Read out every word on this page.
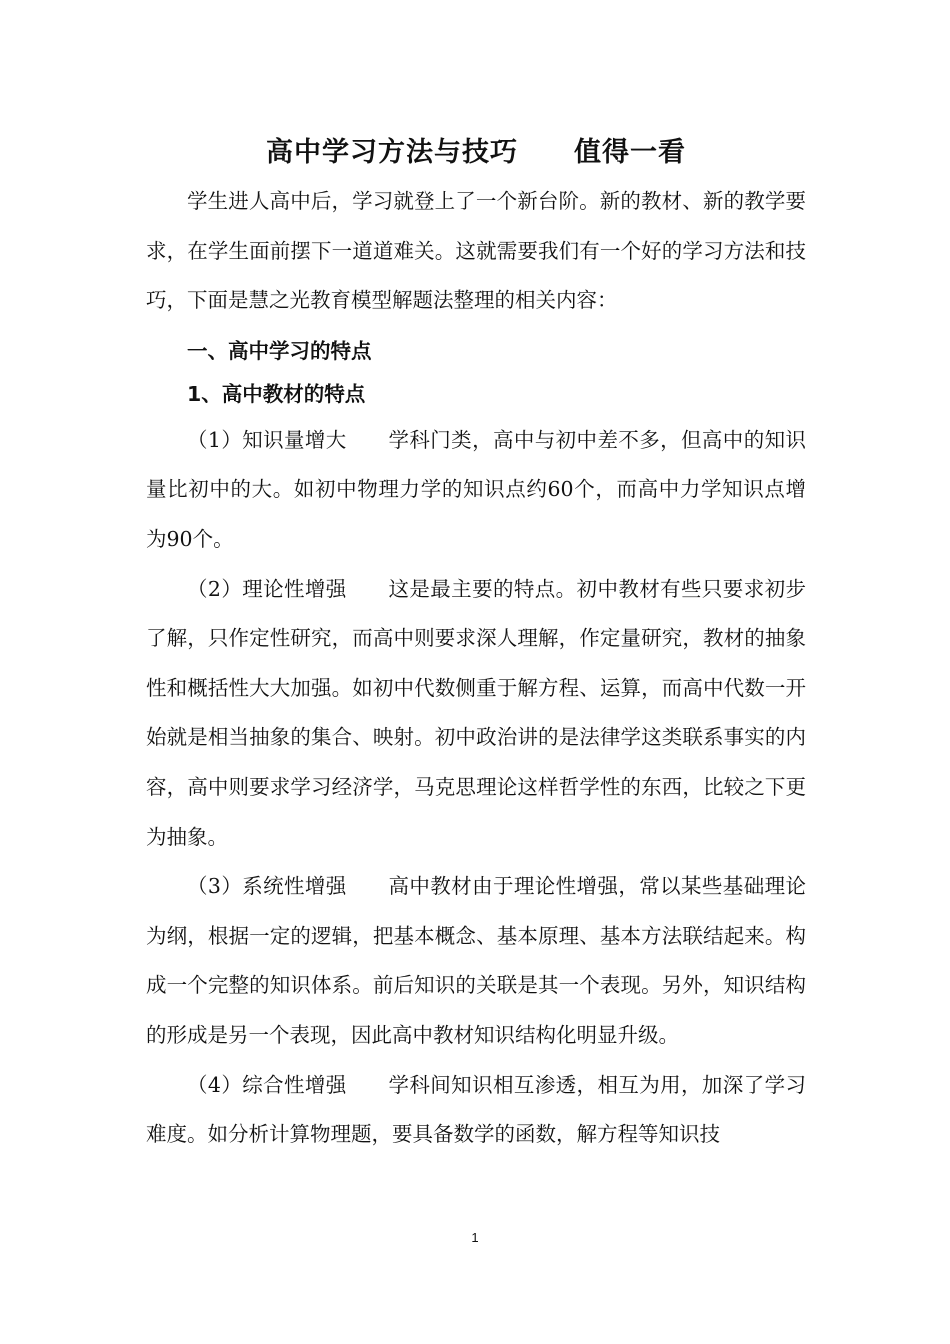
高中学习方法与技巧　　值得一看

学生进人高中后，学习就登上了一个新台阶。新的教材、新的教学要求，在学生面前摆下一道道难关。这就需要我们有一个好的学习方法和技巧，下面是慧之光教育模型解题法整理的相关内容：

一、高中学习的特点

1、高中教材的特点

（1）知识量增大　　学科门类，高中与初中差不多，但高中的知识量比初中的大。如初中物理力学的知识点约60个，而高中力学知识点增为90个。

（2）理论性增强　　这是最主要的特点。初中教材有些只要求初步了解，只作定性研究，而高中则要求深人理解，作定量研究，教材的抽象性和概括性大大加强。如初中代数侧重于解方程、运算，而高中代数一开始就是相当抽象的集合、映射。初中政治讲的是法律学这类联系事实的内容，高中则要求学习经济学，马克思理论这样哲学性的东西，比较之下更为抽象。

（3）系统性增强　　高中教材由于理论性增强，常以某些基础理论为纲，根据一定的逻辑，把基本概念、基本原理、基本方法联结起来。构成一个完整的知识体系。前后知识的关联是其一个表现。另外，知识结构的形成是另一个表现，因此高中教材知识结构化明显升级。

（4）综合性增强　　学科间知识相互渗透，相互为用，加深了学习难度。如分析计算物理题，要具备数学的函数，解方程等知识技

1
